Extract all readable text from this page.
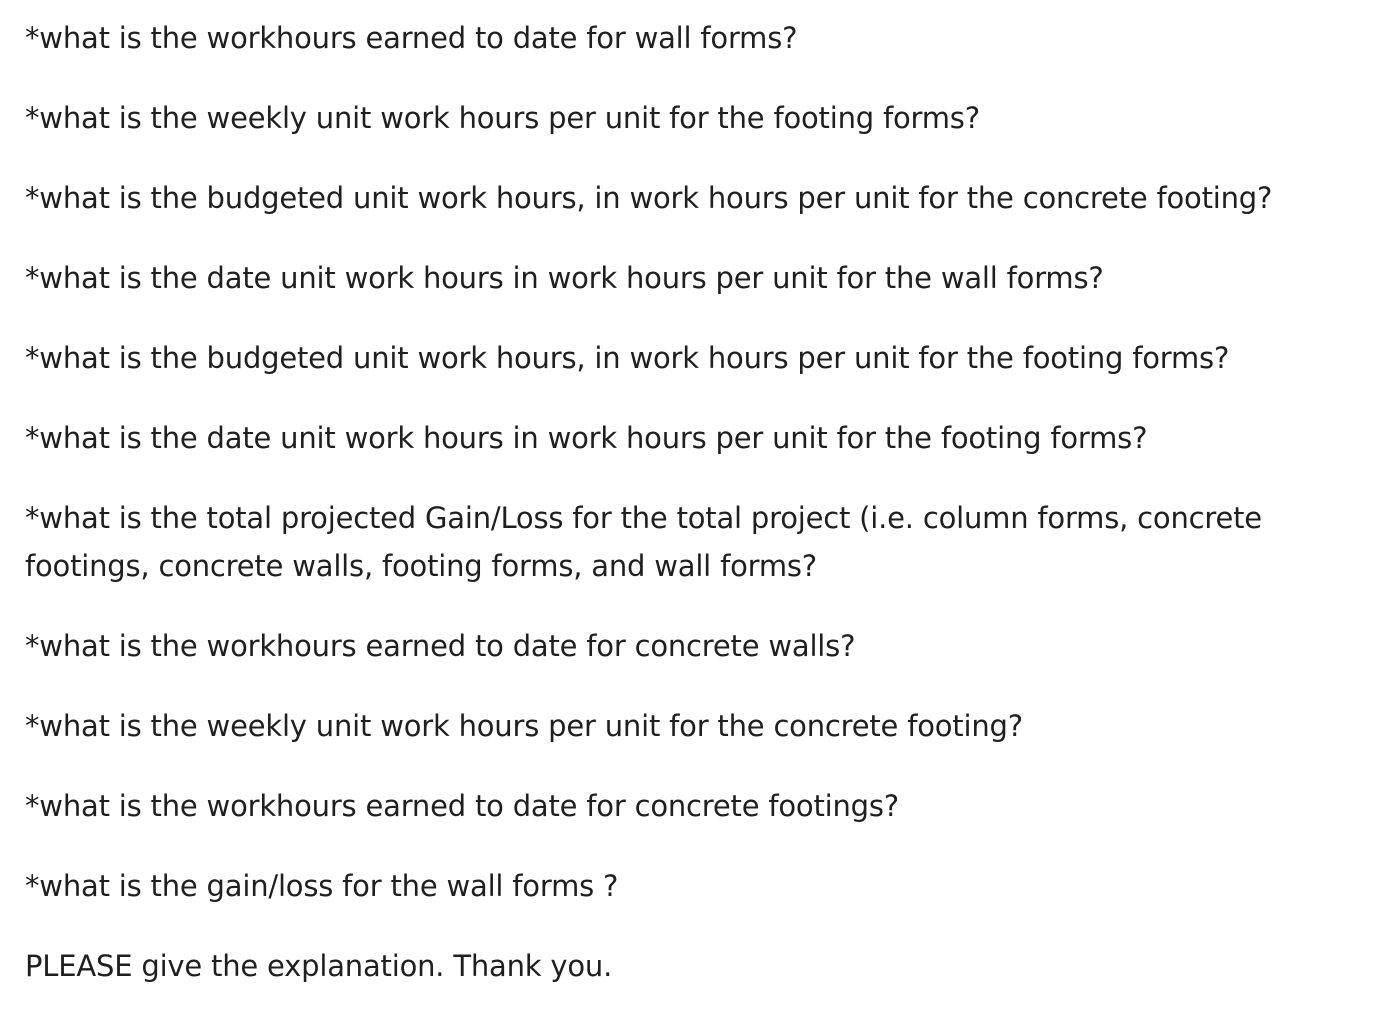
*what is the workhours earned to date for wall forms?

*what is the weekly unit work hours per unit for the footing forms?

*what is the budgeted unit work hours, in work hours per unit for the concrete footing?

*what is the date unit work hours in work hours per unit for the wall forms?

*what is the budgeted unit work hours, in work hours per unit for the footing forms?

*what is the date unit work hours in work hours per unit for the footing forms?

*what is the total projected Gain/Loss for the total project (i.e. column forms, concrete footings, concrete walls, footing forms, and wall forms?

*what is the workhours earned to date for concrete walls?

*what is the weekly unit work hours per unit for the concrete footing?

*what is the workhours earned to date for concrete footings?

*what is the gain/loss for the wall forms ?

PLEASE give the explanation. Thank you.
